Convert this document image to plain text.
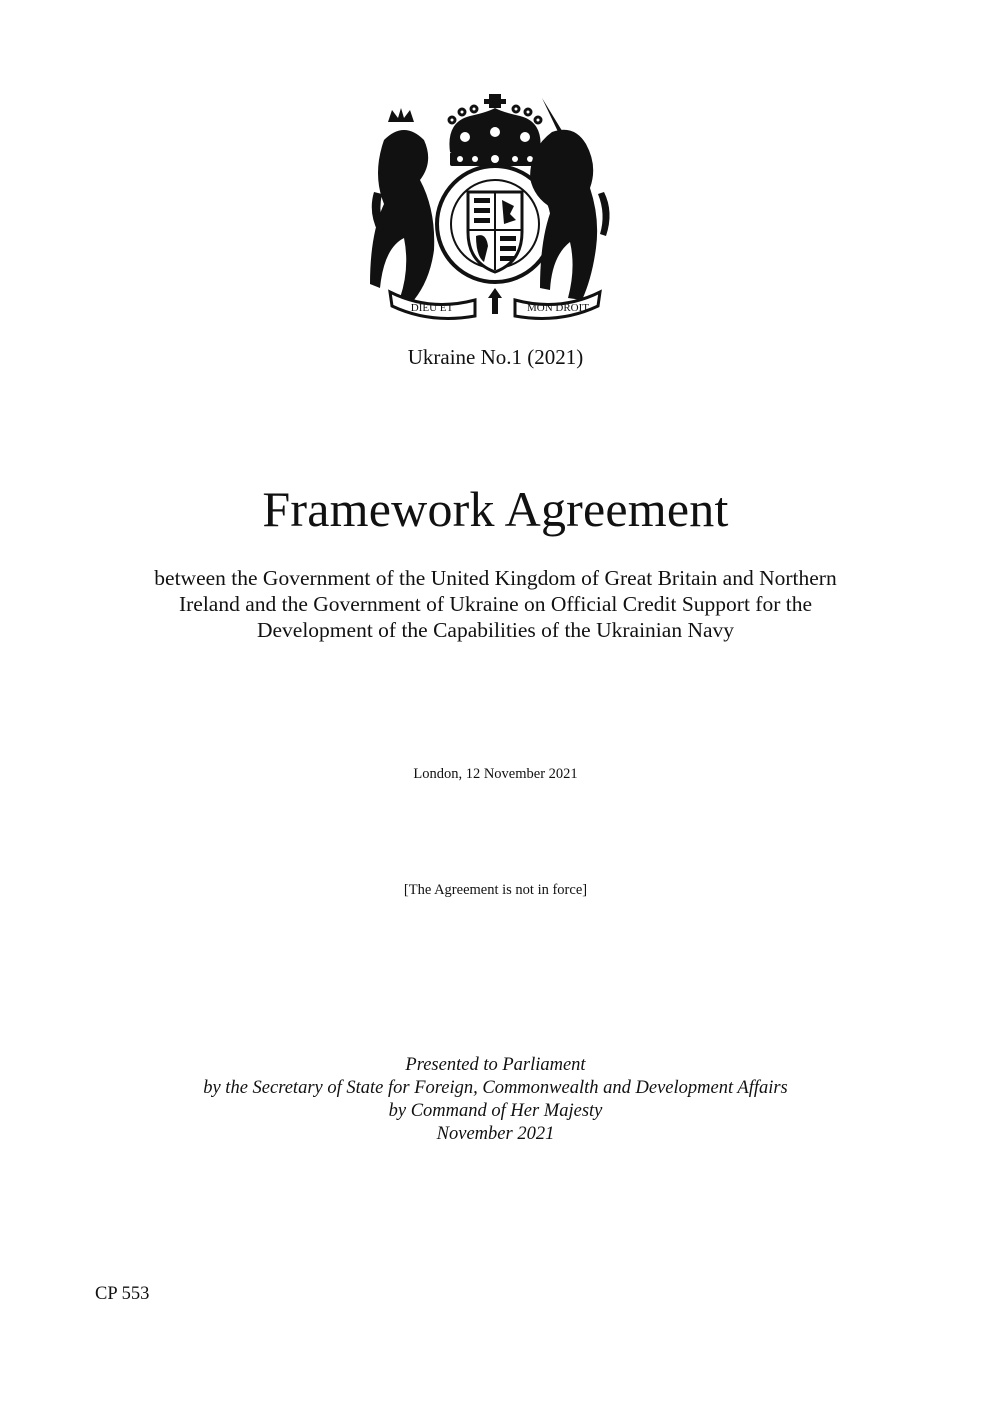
DIEU ET	MON DROIT
Ukraine No.1 (2021)
Framework Agreement
between the Government of the United Kingdom of Great Britain and Northern
Ireland and the Government of Ukraine on Official Credit Support for the
Development of the Capabilities of the Ukrainian Navy
London, 12 November 2021
[The Agreement is not in force]
Presented to Parliament
by the Secretary of State for Foreign, Commonwealth and Development Affairs
by Command of Her Majesty
November 2021
CP 553
